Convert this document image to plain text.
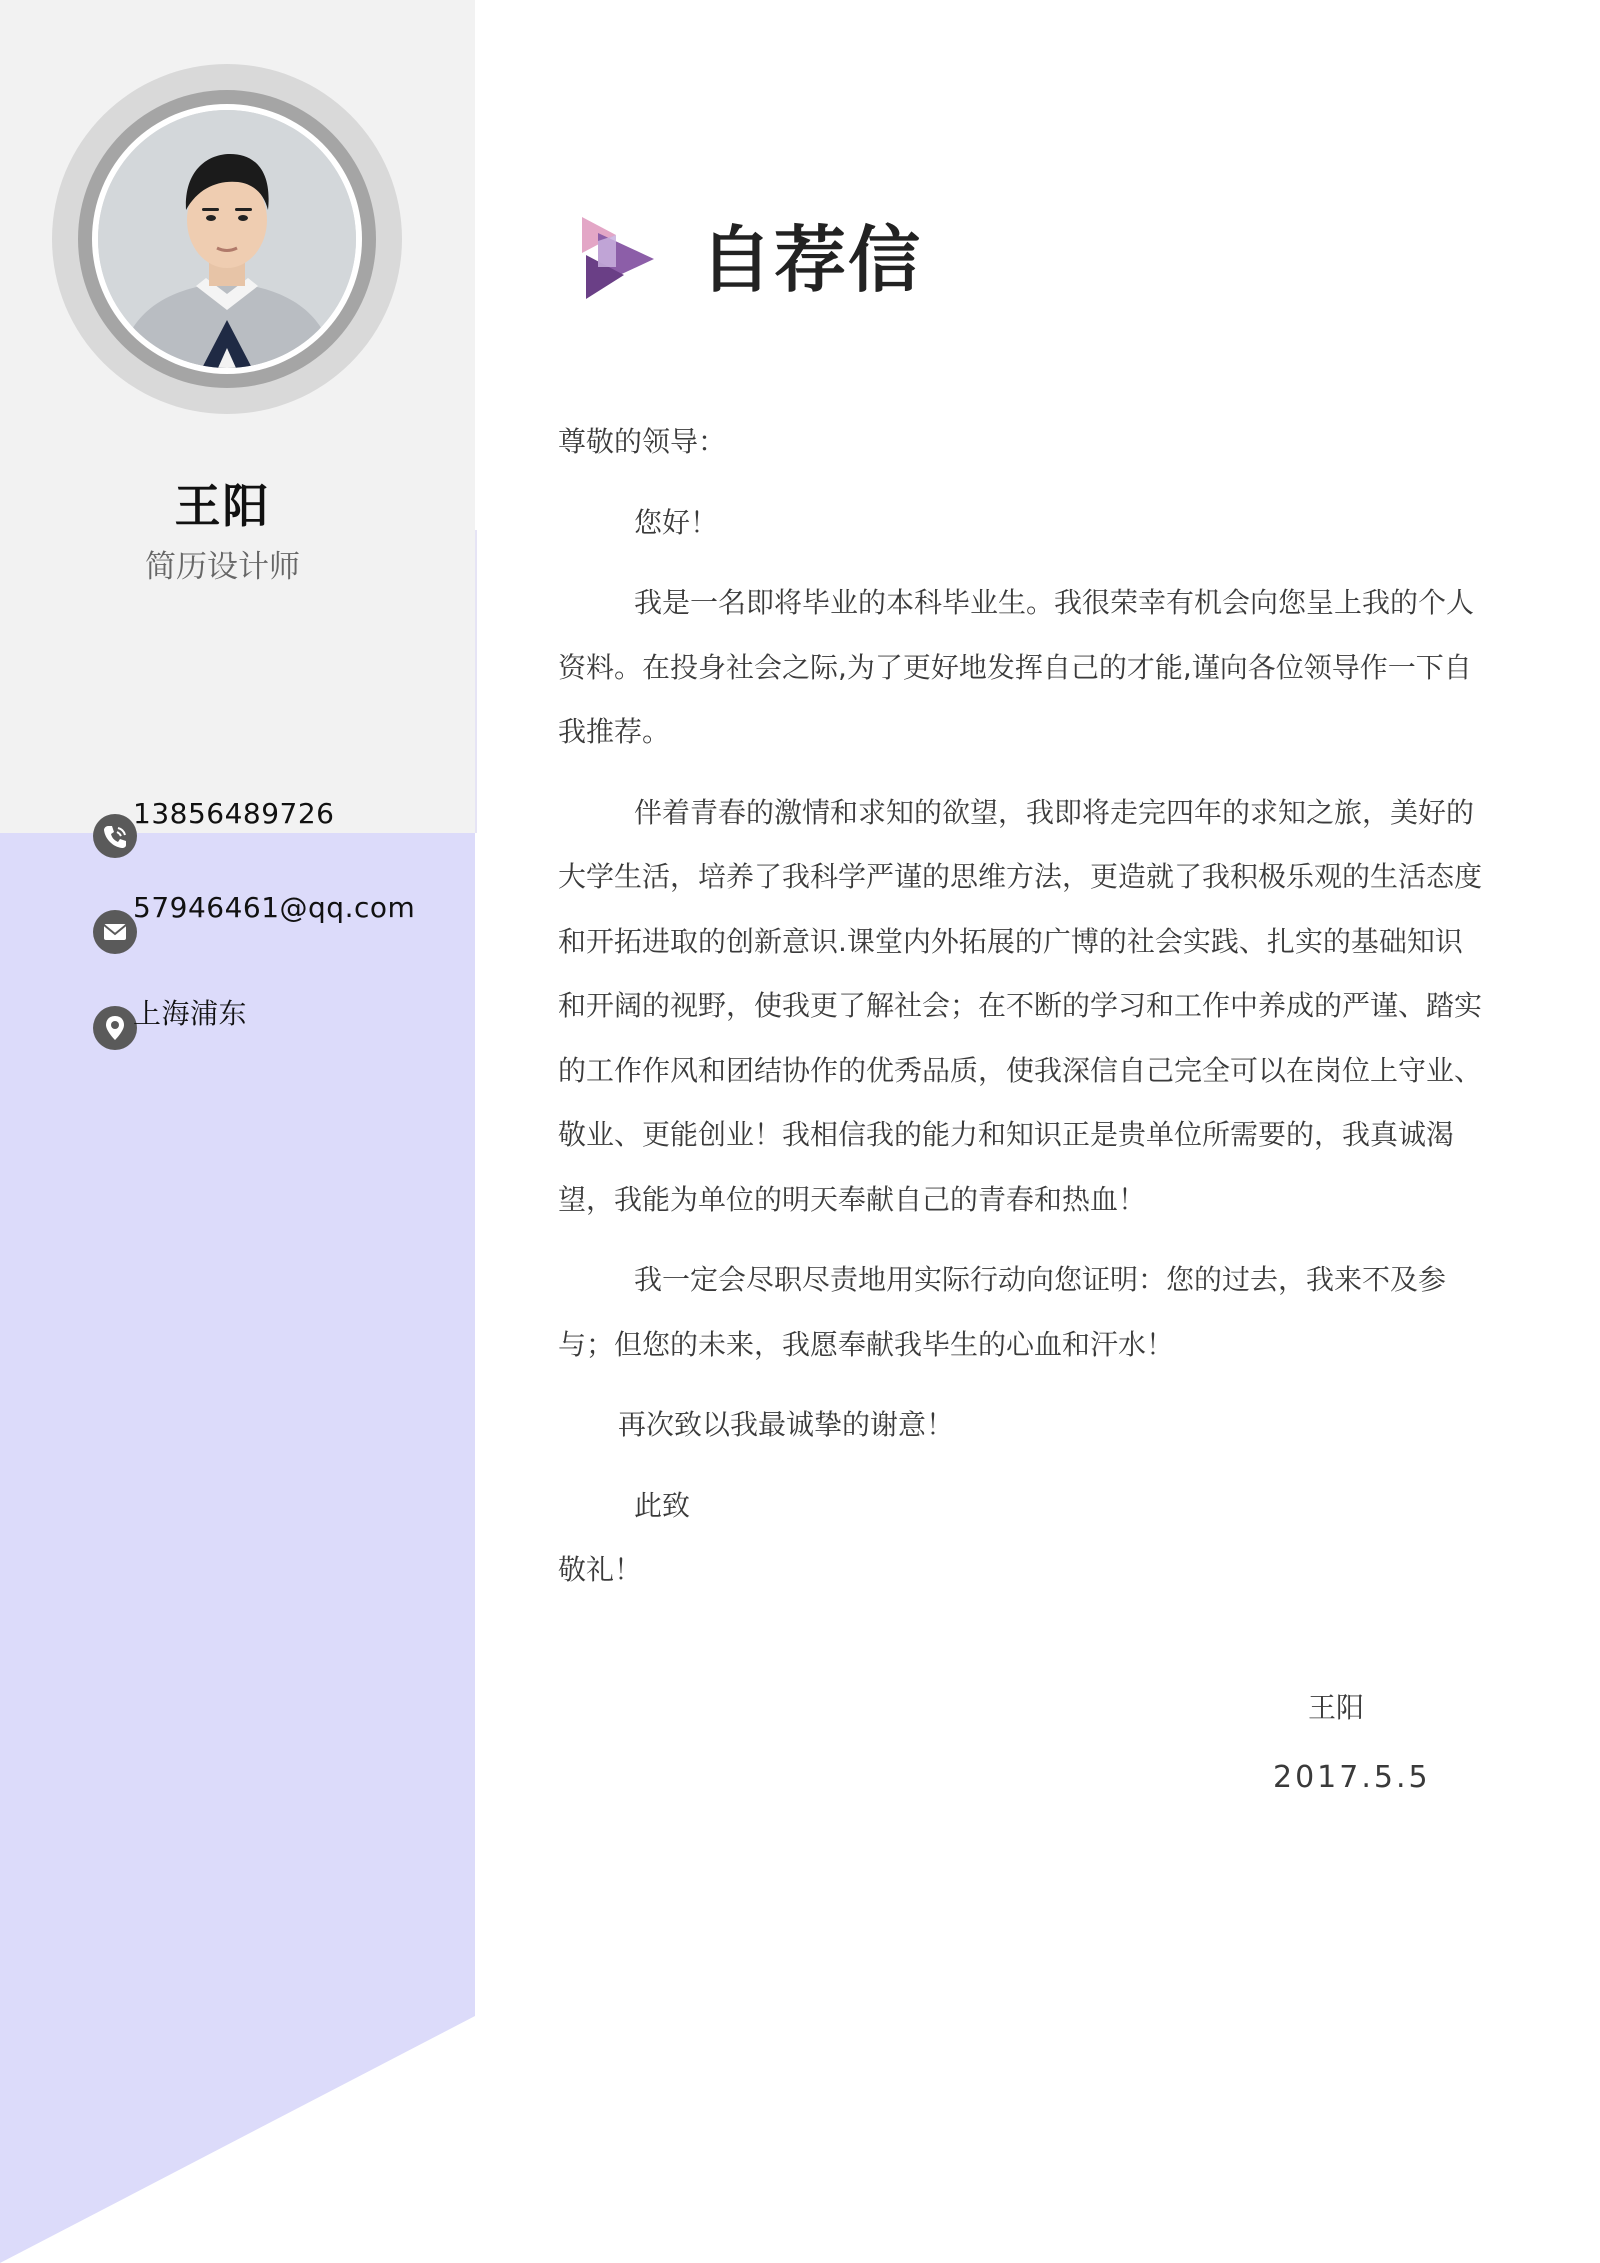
王阳
简历设计师
13856489726
57946461@qq.com
上海浦东
自荐信

尊敬的领导：

您好！

我是一名即将毕业的本科毕业生。我很荣幸有机会向您呈上我的个人资料。在投身社会之际,为了更好地发挥自己的才能,谨向各位领导作一下自我推荐。

伴着青春的激情和求知的欲望，我即将走完四年的求知之旅，美好的大学生活，培养了我科学严谨的思维方法，更造就了我积极乐观的生活态度和开拓进取的创新意识.课堂内外拓展的广博的社会实践、扎实的基础知识和开阔的视野，使我更了解社会；在不断的学习和工作中养成的严谨、踏实的工作作风和团结协作的优秀品质，使我深信自己完全可以在岗位上守业、敬业、更能创业！我相信我的能力和知识正是贵单位所需要的，我真诚渴望，我能为单位的明天奉献自己的青春和热血！

我一定会尽职尽责地用实际行动向您证明：您的过去，我来不及参与；但您的未来，我愿奉献我毕生的心血和汗水！

再次致以我最诚挚的谢意！

此致

敬礼！

王阳
2017.5.5
